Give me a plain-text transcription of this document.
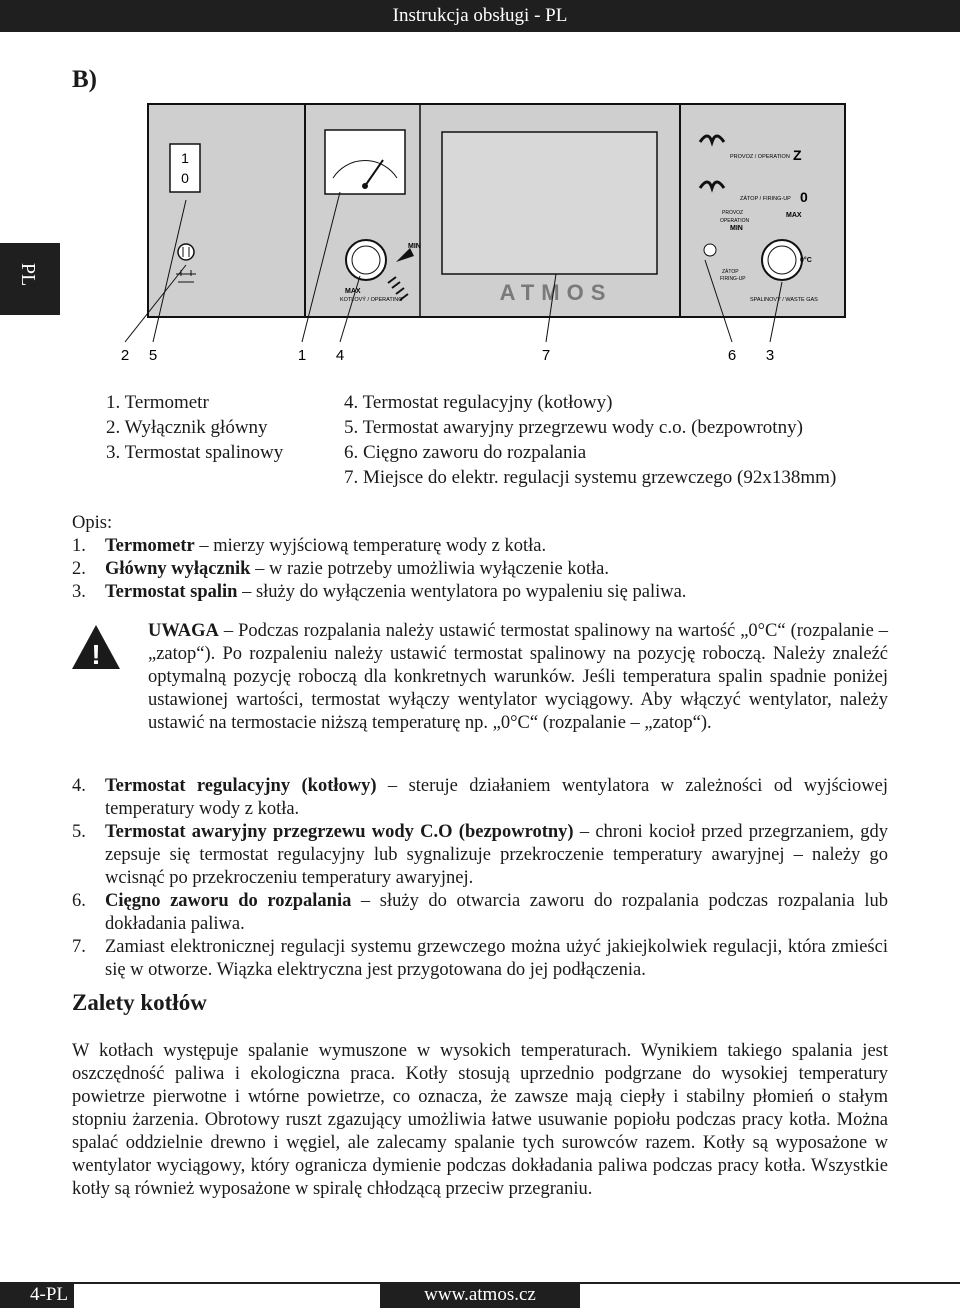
Instrukcja obsługi - PL
PL
B)
1
0
MIN
MAX
KOTLOVÝ / OPERATING	ATMOS
PROVOZ / OPERATION Z
ZÁTOP / FIRING-UP 0
PROVOZ
OPERATION
MIN
MAX
0°C
ZÁTOP
FIRING-UP
SPALINOVÝ / WASTE GAS
2 5	1 4	7	6 3
1. Termometr
2. Wyłącznik główny
3. Termostat spalinowy
4. Termostat regulacyjny (kotłowy)
5. Termostat awaryjny przegrzewu wody c.o. (bezpowrotny)
6. Cięgno zaworu do rozpalania
7. Miejsce do elektr. regulacji systemu grzewczego (92x138mm)

Opis:

1.	Termometr – mierzy wyjściową temperaturę wody z kotła.
2.	Główny wyłącznik – w razie potrzeby umożliwia wyłączenie kotła.
3.	Termostat spalin – służy do wyłączenia wentylatora po wypaleniu się paliwa.
!
UWAGA – Podczas rozpalania należy ustawić termostat spalinowy na wartość „0°C“ (rozpalanie – „zatop“). Po rozpaleniu należy ustawić termostat spalinowy na pozycję roboczą. Należy znaleźć optymalną pozycję roboczą dla konkretnych warunków. Jeśli temperatura spalin spadnie poniżej ustawionej wartości, termostat wyłączy wentylator wyciągowy. Aby włączyć wentylator, należy ustawić na termostacie niższą temperaturę np. „0°C“ (rozpalanie – „zatop“).
4.	Termostat regulacyjny (kotłowy) – steruje działaniem wentylatora w zależności od wyjściowej temperatury wody z kotła.
5.	Termostat awaryjny przegrzewu wody C.O (bezpowrotny) – chroni kocioł przed przegrzaniem, gdy zepsuje się termostat regulacyjny lub sygnalizuje przekroczenie temperatury awaryjnej – należy go wcisnąć po przekroczeniu temperatury awaryjnej.
6.	Cięgno zaworu do rozpalania – służy do otwarcia zaworu do rozpalania podczas rozpalania lub dokładania paliwa.
7.	Zamiast elektronicznej regulacji systemu grzewczego można użyć jakiejkolwiek regulacji, która zmieści się w otworze. Wiązka elektryczna jest przygotowana do jej podłączenia.
Zalety kotłów
W kotłach występuje spalanie wymuszone w wysokich temperaturach. Wynikiem takiego spalania jest oszczędność paliwa i ekologiczna praca. Kotły stosują uprzednio podgrzane do wysokiej temperatury powietrze pierwotne i wtórne powietrze, co oznacza, że zawsze mają ciepły i stabilny płomień o stałym stopniu żarzenia. Obrotowy ruszt zgazujący umożliwia łatwe usuwanie popiołu podczas pracy kotła. Można spalać oddzielnie drewno i węgiel, ale zalecamy spalanie tych surowców razem. Kotły są wyposażone w wentylator wyciągowy, który ogranicza dymienie podczas dokładania paliwa podczas pracy kotła. Wszystkie kotły są również wyposażone w spiralę chłodzącą przeciw przegraniu.
4-PL	www.atmos.cz
